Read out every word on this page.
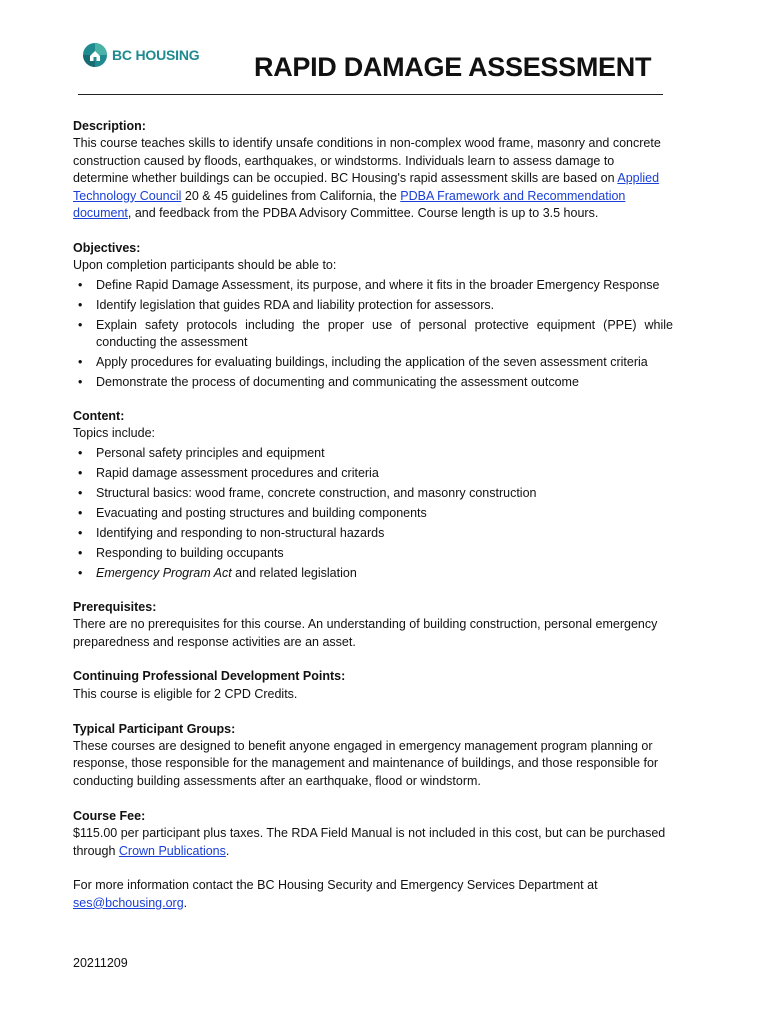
BC HOUSING RAPID DAMAGE ASSESSMENT
Description:

This course teaches skills to identify unsafe conditions in non-complex wood frame, masonry and concrete construction caused by floods, earthquakes, or windstorms. Individuals learn to assess damage to determine whether buildings can be occupied. BC Housing's rapid assessment skills are based on Applied Technology Council 20 & 45 guidelines from California, the PDBA Framework and Recommendation document, and feedback from the PDBA Advisory Committee. Course length is up to 3.5 hours.

Objectives:

Upon completion participants should be able to:

• Define Rapid Damage Assessment, its purpose, and where it fits in the broader Emergency Response
• Identify legislation that guides RDA and liability protection for assessors.
• Explain safety protocols including the proper use of personal protective equipment (PPE) while conducting the assessment
• Apply procedures for evaluating buildings, including the application of the seven assessment criteria
• Demonstrate the process of documenting and communicating the assessment outcome
Content:

Topics include:

• Personal safety principles and equipment
• Rapid damage assessment procedures and criteria
• Structural basics: wood frame, concrete construction, and masonry construction
• Evacuating and posting structures and building components
• Identifying and responding to non-structural hazards
• Responding to building occupants
• Emergency Program Act and related legislation
Prerequisites:

There are no prerequisites for this course. An understanding of building construction, personal emergency preparedness and response activities are an asset.

Continuing Professional Development Points:

This course is eligible for 2 CPD Credits.

Typical Participant Groups:

These courses are designed to benefit anyone engaged in emergency management program planning or response, those responsible for the management and maintenance of buildings, and those responsible for conducting building assessments after an earthquake, flood or windstorm.

Course Fee:

$115.00 per participant plus taxes. The RDA Field Manual is not included in this cost, but can be purchased through Crown Publications.

For more information contact the BC Housing Security and Emergency Services Department at ses@bchousing.org.

20211209
